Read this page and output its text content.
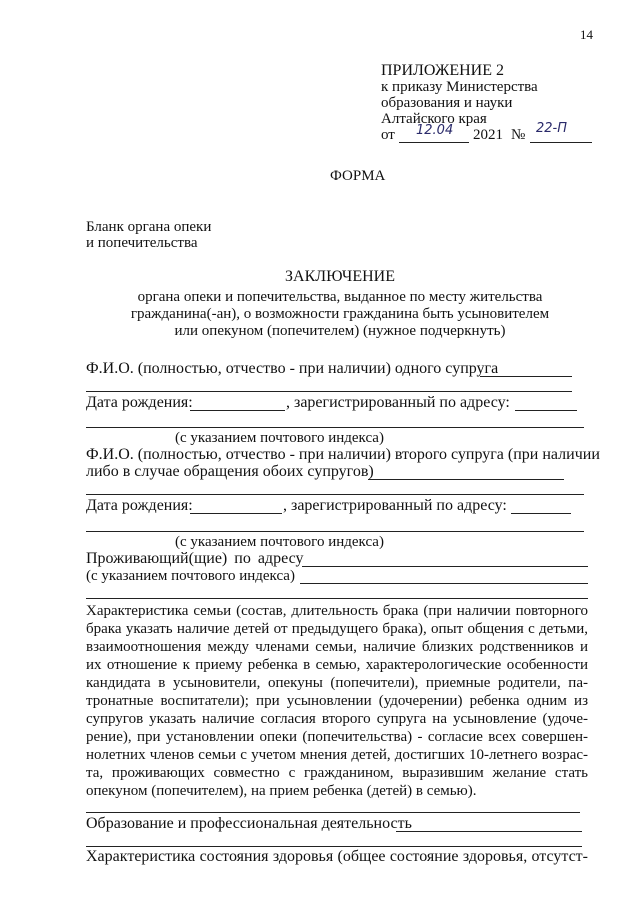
14
ПРИЛОЖЕНИЕ 2
к приказу Министерства
образования и науки
Алтайского края
от 12.04 2021 № 22-П
ФОРМА
Бланк органа опеки
и попечительства
ЗАКЛЮЧЕНИЕ
органа опеки и попечительства, выданное по месту жительства
гражданина(-ан), о возможности гражданина быть усыновителем
или опекуном (попечителем) (нужное подчеркнуть)
Ф.И.О. (полностью, отчество - при наличии) одного супруга
Дата рождения:	, зарегистрированный по адресу:
(с указанием почтового индекса)
Ф.И.О. (полностью, отчество - при наличии) второго супруга (при наличии
либо в случае обращения обоих супругов)
Дата рождения:	, зарегистрированный по адресу:
(с указанием почтового индекса)
Проживающий(щие) по адресу
(с указанием почтового индекса)
Характеристика семьи (состав, длительность брака (при наличии повторного
брака указать наличие детей от предыдущего брака), опыт общения с детьми,
взаимоотношения между членами семьи, наличие близких родственников и
их отношение к приему ребенка в семью, характерологические особенности
кандидата в усыновители, опекуны (попечители), приемные родители, па-
тронатные воспитатели); при усыновлении (удочерении) ребенка одним из
супругов указать наличие согласия второго супруга на усыновление (удоче-
рение), при установлении опеки (попечительства) - согласие всех совершен-
нолетних членов семьи с учетом мнения детей, достигших 10-летнего возрас-
та, проживающих совместно с гражданином, выразившим желание стать
опекуном (попечителем), на прием ребенка (детей) в семью).
Образование и профессиональная деятельность
Характеристика состояния здоровья (общее состояние здоровья, отсутст-
